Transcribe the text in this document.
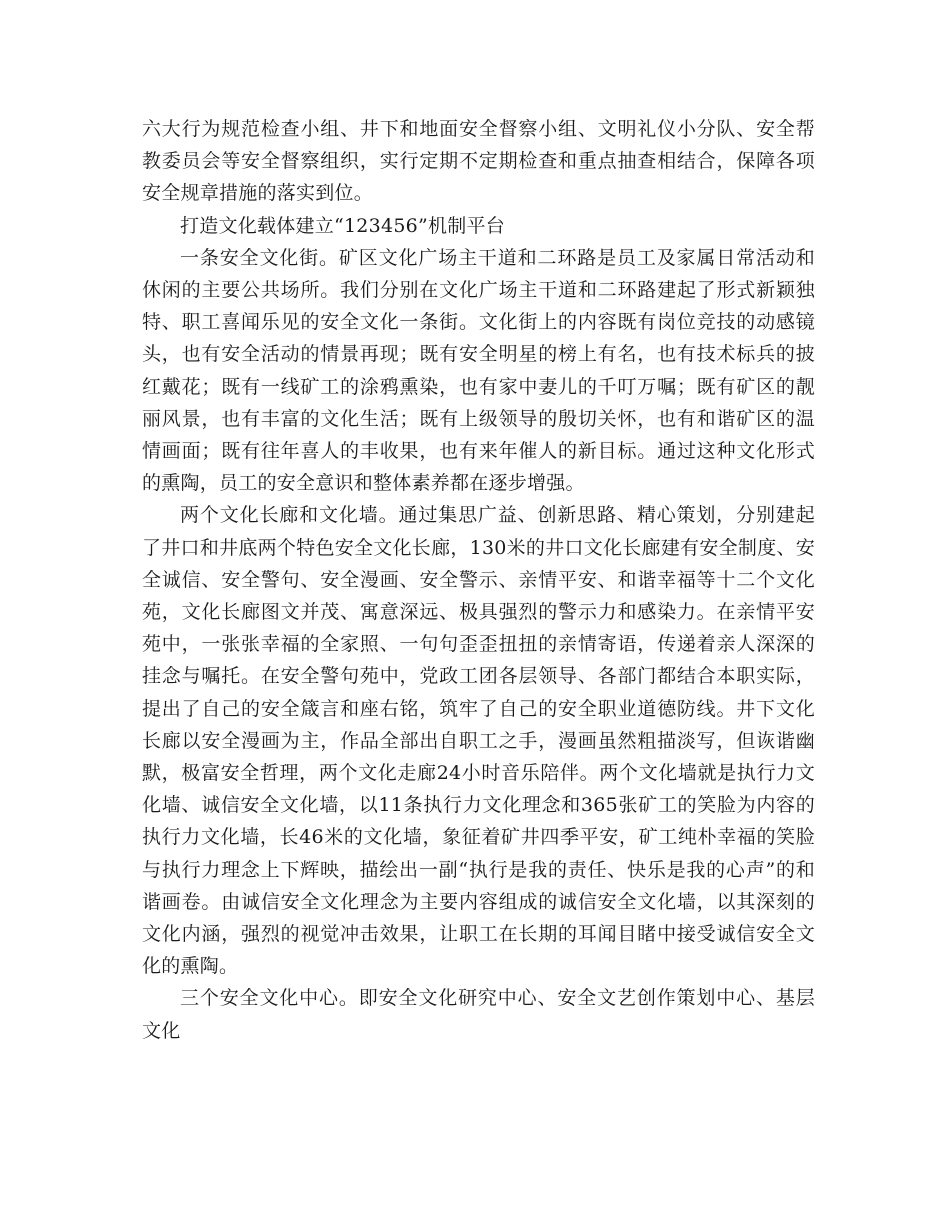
六大行为规范检查小组、井下和地面安全督察小组、文明礼仪小分队、安全帮教委员会等安全督察组织，实行定期不定期检查和重点抽查相结合，保障各项安全规章措施的落实到位。

打造文化载体建立“123456”机制平台

一条安全文化街。矿区文化广场主干道和二环路是员工及家属日常活动和休闲的主要公共场所。我们分别在文化广场主干道和二环路建起了形式新颖独特、职工喜闻乐见的安全文化一条街。文化街上的内容既有岗位竞技的动感镜头，也有安全活动的情景再现；既有安全明星的榜上有名，也有技术标兵的披红戴花；既有一线矿工的涂鸦熏染，也有家中妻儿的千叮万嘱；既有矿区的靓丽风景，也有丰富的文化生活；既有上级领导的殷切关怀，也有和谐矿区的温情画面；既有往年喜人的丰收果，也有来年催人的新目标。通过这种文化形式的熏陶，员工的安全意识和整体素养都在逐步增强。

两个文化长廊和文化墙。通过集思广益、创新思路、精心策划，分别建起了井口和井底两个特色安全文化长廊，130米的井口文化长廊建有安全制度、安全诚信、安全警句、安全漫画、安全警示、亲情平安、和谐幸福等十二个文化苑，文化长廊图文并茂、寓意深远、极具强烈的警示力和感染力。在亲情平安苑中，一张张幸福的全家照、一句句歪歪扭扭的亲情寄语，传递着亲人深深的挂念与嘱托。在安全警句苑中，党政工团各层领导、各部门都结合本职实际，提出了自己的安全箴言和座右铭，筑牢了自己的安全职业道德防线。井下文化长廊以安全漫画为主，作品全部出自职工之手，漫画虽然粗描淡写，但诙谐幽默，极富安全哲理，两个文化走廊24小时音乐陪伴。两个文化墙就是执行力文化墙、诚信安全文化墙，以11条执行力文化理念和365张矿工的笑脸为内容的执行力文化墙，长46米的文化墙，象征着矿井四季平安，矿工纯朴幸福的笑脸与执行力理念上下辉映，描绘出一副“执行是我的责任、快乐是我的心声”的和谐画卷。由诚信安全文化理念为主要内容组成的诚信安全文化墙，以其深刻的文化内涵，强烈的视觉冲击效果，让职工在长期的耳闻目睹中接受诚信安全文化的熏陶。

三个安全文化中心。即安全文化研究中心、安全文艺创作策划中心、基层文化
